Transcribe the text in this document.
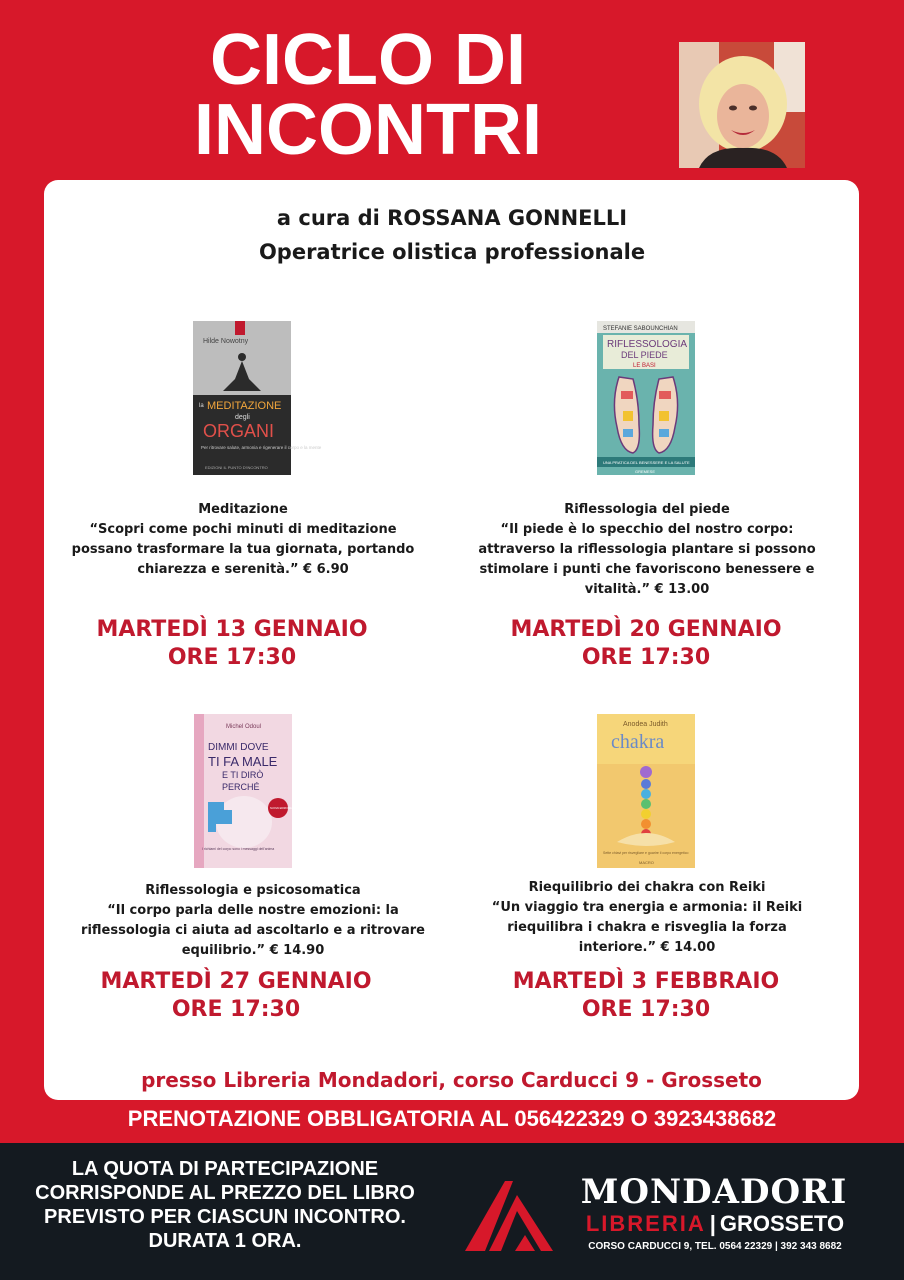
CICLO DI
INCONTRI
a cura di ROSSANA GONNELLI
Operatrice olistica professionale
Hilde Nowotny
la MEDITAZIONE
degli
ORGANI
Per ritrovare salute, armonia e rigenerare il corpo e la mente
EDIZIONI IL PUNTO D'INCONTRO
STEFANIE SABOUNCHIAN
RIFLESSOLOGIA
DEL PIEDE
LE BASI
UNA PRATICA DEL BENESSERE E LA SALUTE
GREMESE
Meditazione
“Scopri come pochi minuti di meditazione possano trasformare la tua giornata, portando chiarezza e serenità.” € 6.90
Riflessologia del piede
“Il piede è lo specchio del nostro corpo: attraverso la riflessologia plantare si possono stimolare i punti che favoriscono benessere e vitalità.” € 13.00
MARTEDÌ 13 GENNAIO
ORE 17:30
MARTEDÌ 20 GENNAIO
ORE 17:30
Michel Odoul
DIMMI DOVE
TI FA MALE
E TI DIRÒ
PERCHÉ
NUOVA EDIZIONE AMPLIATA
I richiami del corpo sono i messaggi dell'anima
Anodea Judith
chakra
Sette chiavi per risvegliare e guarire il corpo energetico
MACRO
Riflessologia e psicosomatica
“Il corpo parla delle nostre emozioni: la riflessologia ci aiuta ad ascoltarlo e a ritrovare equilibrio.” € 14.90
Riequilibrio dei chakra con Reiki
“Un viaggio tra energia e armonia: il Reiki riequilibra i chakra e risveglia la forza interiore.” € 14.00
MARTEDÌ 27 GENNAIO
ORE 17:30
MARTEDÌ 3 FEBBRAIO
ORE 17:30
presso Libreria Mondadori, corso Carducci 9 - Grosseto
PRENOTAZIONE OBBLIGATORIA AL 056422329 O 3923438682
LA QUOTA DI PARTECIPAZIONE
CORRISPONDE AL PREZZO DEL LIBRO
PREVISTO PER CIASCUN INCONTRO.
DURATA 1 ORA.
MONDADORI
LIBRERIA | GROSSETO
CORSO CARDUCCI 9, TEL. 0564 22329 | 392 343 8682
